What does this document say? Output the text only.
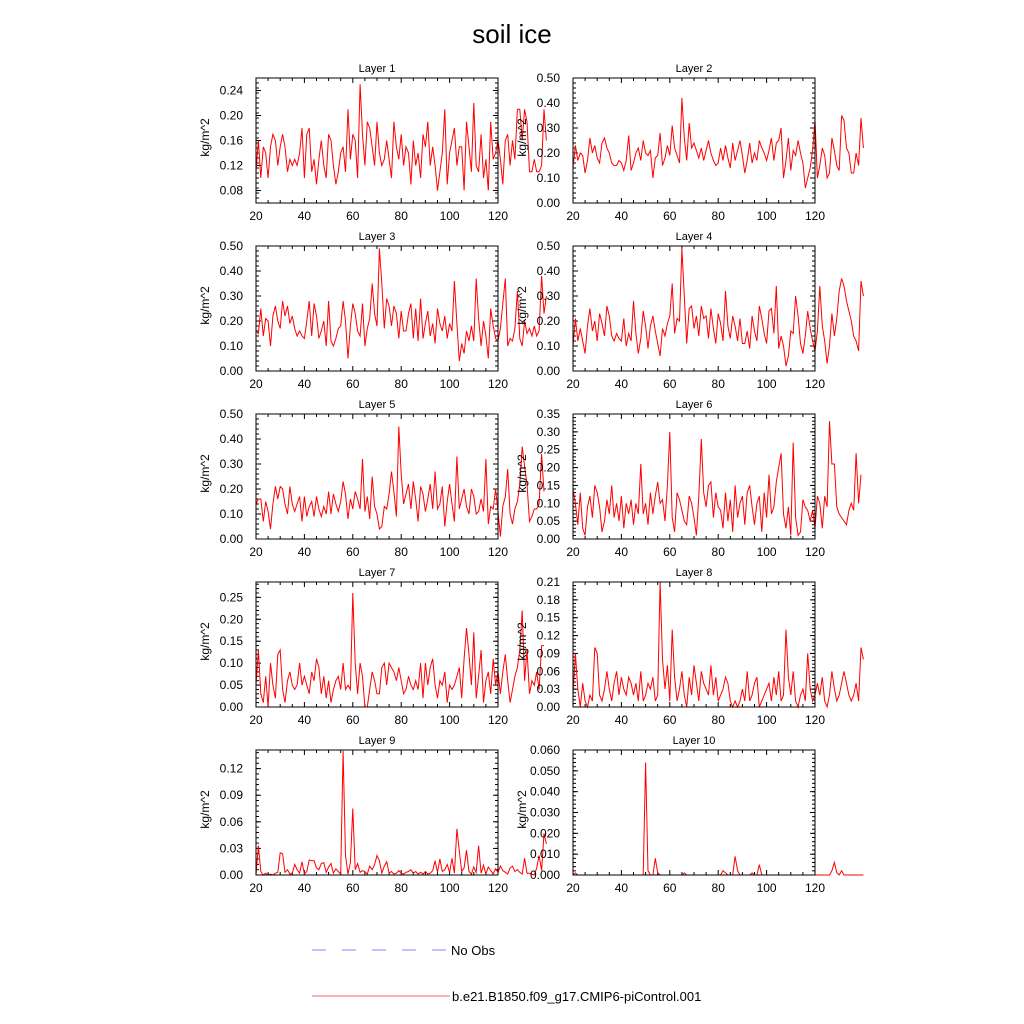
soil ice
Layer 1
kg/m^2
20	40	60	80	100 120
0.08
0.12
0.16
0.20
0.24
Layer 2
kg/m^2
20	40	60	80	100 120
0.00
0.10
0.20
0.30
0.40
0.50
Layer 3
kg/m^2
20	40	60	80	100 120
0.00
0.10
0.20
0.30
0.40
0.50
Layer 4
kg/m^2
20	40	60	80	100 120
0.00
0.10
0.20
0.30
0.40
0.50
Layer 5
kg/m^2
20	40	60	80	100 120
0.00
0.10
0.20
0.30
0.40
0.50
Layer 6
kg/m^2
20	40	60	80	100 120
0.00
0.05
0.10
0.15
0.20
0.25
0.30
0.35
Layer 7
kg/m^2
20	40	60	80	100 120
0.00
0.05
0.10
0.15
0.20
0.25
Layer 8
kg/m^2
20	40	60	80	100 120
0.00
0.03
0.06
0.09
0.12
0.15
0.18
0.21
Layer 9
kg/m^2
20	40	60	80	100 120
0.00
0.03
0.06
0.09
0.12
Layer 10
kg/m^2
20	40	60	80	100 120
0.000
0.010
0.020
0.030
0.040
0.050
0.060
No Obs
b.e21.B1850.f09_g17.CMIP6-piControl.001
